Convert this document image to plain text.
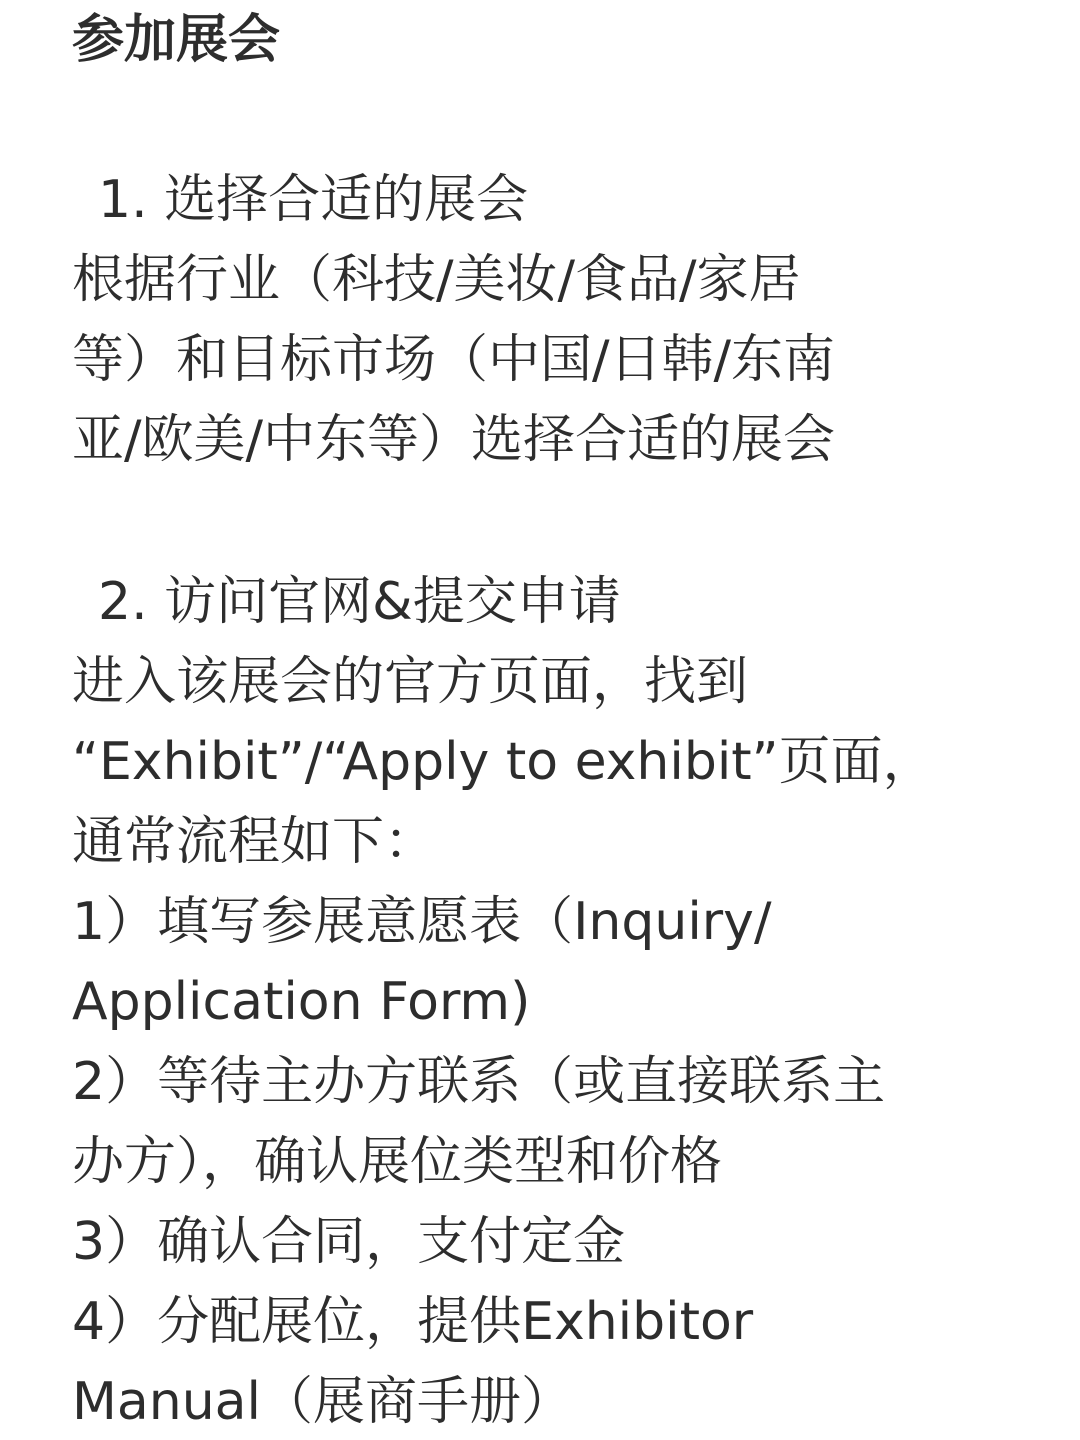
参加展会
1. 选择合适的展会
根据行业（科技/美妆/食品/家居
等）和目标市场（中国/日韩/东南
亚/欧美/中东等）选择合适的展会
2. 访问官网&提交申请
进入该展会的官方页面，找到
“Exhibit”/“Apply to exhibit”页面，
通常流程如下：
1）填写参展意愿表（Inquiry/
Application Form)
2）等待主办方联系（或直接联系主
办方），确认展位类型和价格
3）确认合同，支付定金
4）分配展位，提供Exhibitor
Manual（展商手册）
